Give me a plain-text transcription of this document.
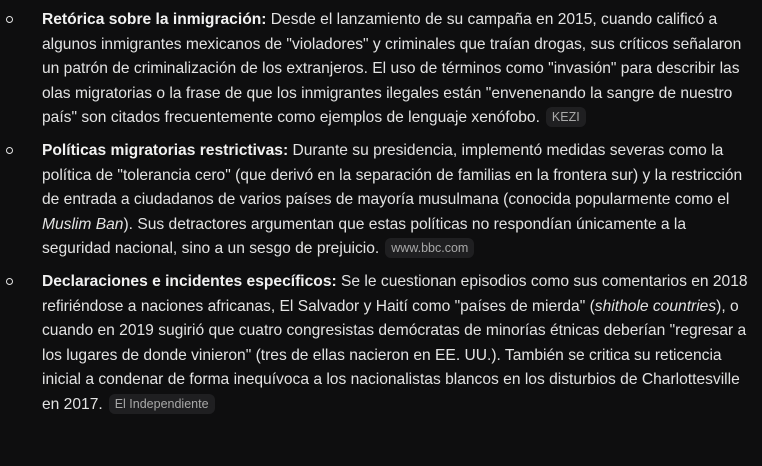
Retórica sobre la inmigración: Desde el lanzamiento de su campaña en 2015, cuando calificó a algunos inmigrantes mexicanos de "violadores" y criminales que traían drogas, sus críticos señalaron un patrón de criminalización de los extranjeros. El uso de términos como "invasión" para describir las olas migratorias o la frase de que los inmigrantes ilegales están "envenenando la sangre de nuestro país" son citados frecuentemente como ejemplos de lenguaje xenófobo. KEZI
Políticas migratorias restrictivas: Durante su presidencia, implementó medidas severas como la política de "tolerancia cero" (que derivó en la separación de familias en la frontera sur) y la restricción de entrada a ciudadanos de varios países de mayoría musulmana (conocida popularmente como el Muslim Ban). Sus detractores argumentan que estas políticas no respondían únicamente a la seguridad nacional, sino a un sesgo de prejuicio. www.bbc.com
Declaraciones e incidentes específicos: Se le cuestionan episodios como sus comentarios en 2018 refiriéndose a naciones africanas, El Salvador y Haití como "países de mierda" (shithole countries), o cuando en 2019 sugirió que cuatro congresistas demócratas de minorías étnicas deberían "regresar a los lugares de donde vinieron" (tres de ellas nacieron en EE. UU.). También se critica su reticencia inicial a condenar de forma inequívoca a los nacionalistas blancos en los disturbios de Charlottesville en 2017. El Independiente
